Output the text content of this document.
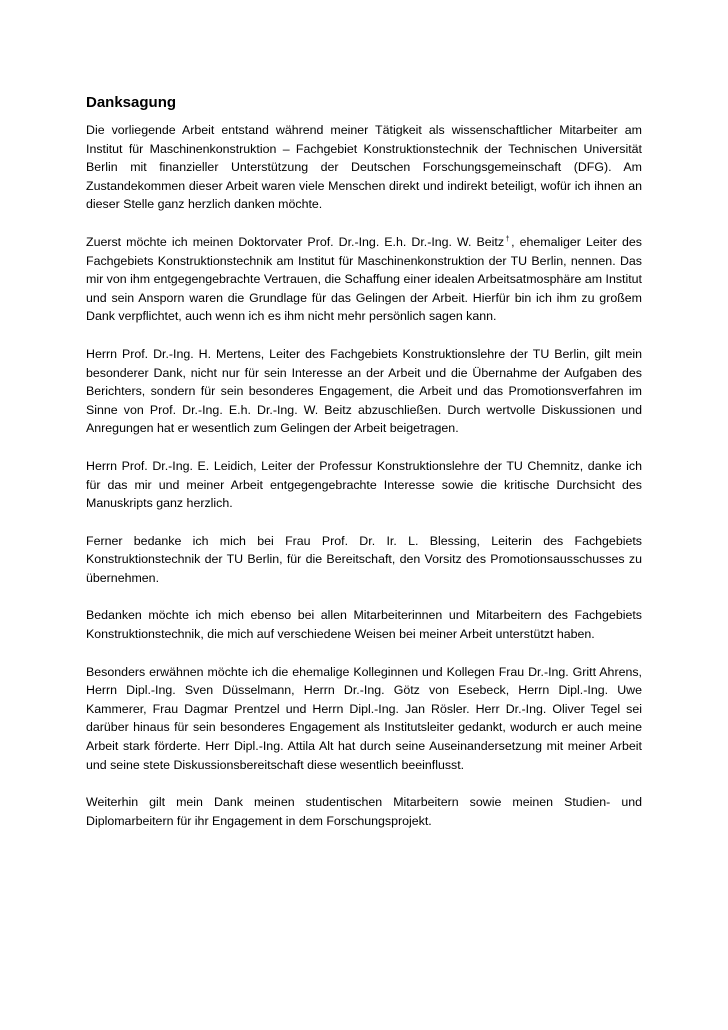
Danksagung

Die vorliegende Arbeit entstand während meiner Tätigkeit als wissenschaftlicher Mitarbeiter am Institut für Maschinenkonstruktion – Fachgebiet Konstruktionstechnik der Technischen Universität Berlin mit finanzieller Unterstützung der Deutschen Forschungsgemeinschaft (DFG). Am Zustandekommen dieser Arbeit waren viele Menschen direkt und indirekt beteiligt, wofür ich ihnen an dieser Stelle ganz herzlich danken möchte.

Zuerst möchte ich meinen Doktorvater Prof. Dr.-Ing. E.h. Dr.-Ing. W. Beitz†, ehemaliger Leiter des Fachgebiets Konstruktionstechnik am Institut für Maschinenkonstruktion der TU Berlin, nennen. Das mir von ihm entgegengebrachte Vertrauen, die Schaffung einer idealen Arbeitsatmosphäre am Institut und sein Ansporn waren die Grundlage für das Gelingen der Arbeit. Hierfür bin ich ihm zu großem Dank verpflichtet, auch wenn ich es ihm nicht mehr persönlich sagen kann.

Herrn Prof. Dr.-Ing. H. Mertens, Leiter des Fachgebiets Konstruktionslehre der TU Berlin, gilt mein besonderer Dank, nicht nur für sein Interesse an der Arbeit und die Übernahme der Aufgaben des Berichters, sondern für sein besonderes Engagement, die Arbeit und das Promotionsverfahren im Sinne von Prof. Dr.-Ing. E.h. Dr.-Ing. W. Beitz abzuschließen. Durch wertvolle Diskussionen und Anregungen hat er wesentlich zum Gelingen der Arbeit beigetragen.

Herrn Prof. Dr.-Ing. E. Leidich, Leiter der Professur Konstruktionslehre der TU Chemnitz, danke ich für das mir und meiner Arbeit entgegengebrachte Interesse sowie die kritische Durchsicht des Manuskripts ganz herzlich.

Ferner bedanke ich mich bei Frau Prof. Dr. Ir. L. Blessing, Leiterin des Fachgebiets Konstruktionstechnik der TU Berlin, für die Bereitschaft, den Vorsitz des Promotionsausschusses zu übernehmen.

Bedanken möchte ich mich ebenso bei allen Mitarbeiterinnen und Mitarbeitern des Fachgebiets Konstruktionstechnik, die mich auf verschiedene Weisen bei meiner Arbeit unterstützt haben.

Besonders erwähnen möchte ich die ehemalige Kolleginnen und Kollegen Frau Dr.-Ing. Gritt Ahrens, Herrn Dipl.-Ing. Sven Düsselmann, Herrn Dr.-Ing. Götz von Esebeck, Herrn Dipl.-Ing. Uwe Kammerer, Frau Dagmar Prentzel und Herrn Dipl.-Ing. Jan Rösler. Herr Dr.-Ing. Oliver Tegel sei darüber hinaus für sein besonderes Engagement als Institutsleiter gedankt, wodurch er auch meine Arbeit stark förderte. Herr Dipl.-Ing. Attila Alt hat durch seine Auseinandersetzung mit meiner Arbeit und seine stete Diskussionsbereitschaft diese wesentlich beeinflusst.

Weiterhin gilt mein Dank meinen studentischen Mitarbeitern sowie meinen Studien- und Diplomarbeitern für ihr Engagement in dem Forschungsprojekt.
